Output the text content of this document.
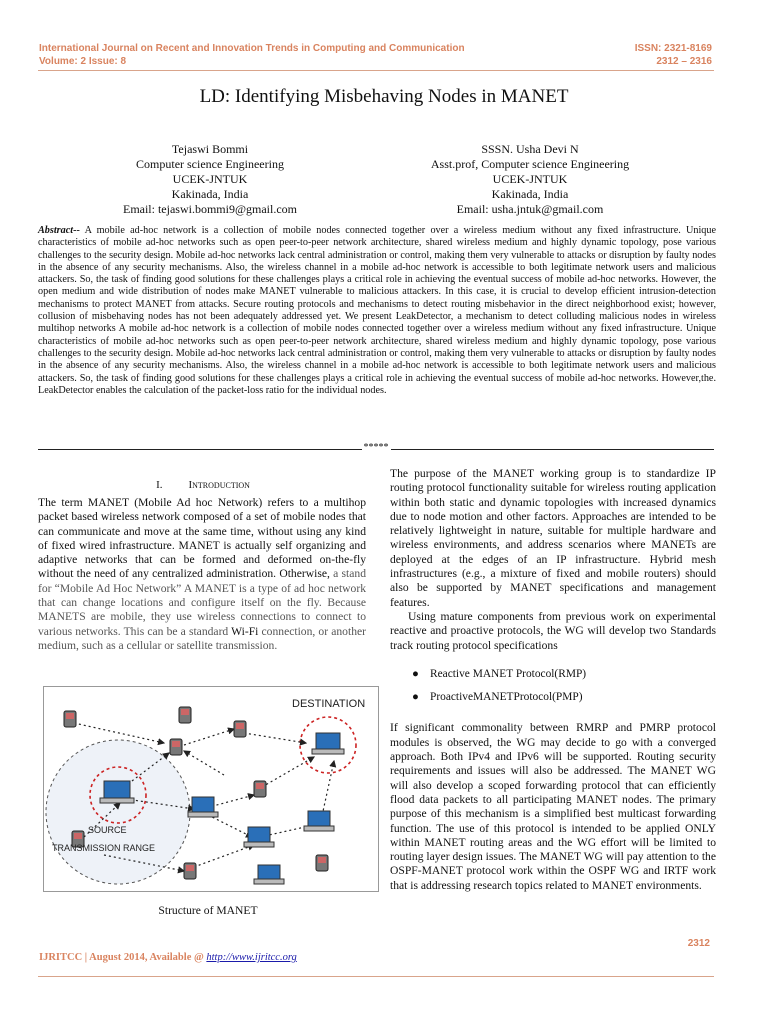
International Journal on Recent and Innovation Trends in Computing and Communication
Volume: 2 Issue: 8
ISSN: 2321-8169
2312 – 2316
LD: Identifying Misbehaving Nodes in MANET
Tejaswi Bommi
Computer science Engineering
UCEK-JNTUK
Kakinada, India
Email: tejaswi.bommi9@gmail.com
SSSN. Usha Devi N
Asst.prof, Computer science Engineering
UCEK-JNTUK
Kakinada, India
Email: usha.jntuk@gmail.com
Abstract-- A mobile ad-hoc network is a collection of mobile nodes connected together over a wireless medium without any fixed infrastructure. Unique characteristics of mobile ad-hoc networks such as open peer-to-peer network architecture, shared wireless medium and highly dynamic topology, pose various challenges to the security design. Mobile ad-hoc networks lack central administration or control, making them very vulnerable to attacks or disruption by faulty nodes in the absence of any security mechanisms. Also, the wireless channel in a mobile ad-hoc network is accessible to both legitimate network users and malicious attackers. So, the task of finding good solutions for these challenges plays a critical role in achieving the eventual success of mobile ad-hoc networks. However, the open medium and wide distribution of nodes make MANET vulnerable to malicious attackers. In this case, it is crucial to develop efficient intrusion-detection mechanisms to protect MANET from attacks. Secure routing protocols and mechanisms to detect routing misbehavior in the direct neighborhood exist; however, collusion of misbehaving nodes has not been adequately addressed yet. We present LeakDetector, a mechanism to detect colluding malicious nodes in wireless multihop networks A mobile ad-hoc network is a collection of mobile nodes connected together over a wireless medium without any fixed infrastructure. Unique characteristics of mobile ad-hoc networks such as open peer-to-peer network architecture, shared wireless medium and highly dynamic topology, pose various challenges to the security design. Mobile ad-hoc networks lack central administration or control, making them very vulnerable to attacks or disruption by faulty nodes in the absence of any security mechanisms. Also, the wireless channel in a mobile ad-hoc network is accessible to both legitimate network users and malicious attackers. So, the task of finding good solutions for these challenges plays a critical role in achieving the eventual success of mobile ad-hoc networks. However,the. LeakDetector enables the calculation of the packet-loss ratio for the individual nodes.
*****
I. Introduction
The term MANET (Mobile Ad hoc Network) refers to a multihop packet based wireless network composed of a set of mobile nodes that can communicate and move at the same time, without using any kind of fixed wired infrastructure. MANET is actually self organizing and adaptive networks that can be formed and deformed on-the-fly without the need of any centralized administration. Otherwise, a stand for “Mobile Ad Hoc Network” A MANET is a type of ad hoc network that can change locations and configure itself on the fly. Because MANETS are mobile, they use wireless connections to connect to various networks. This can be a standard Wi-Fi connection, or another medium, such as a cellular or satellite transmission.
DESTINATION
SOURCE
TRANSMISSION RANGE
Structure of MANET

The purpose of the MANET working group is to standardize IP routing protocol functionality suitable for wireless routing application within both static and dynamic topologies with increased dynamics due to node motion and other factors. Approaches are intended to be relatively lightweight in nature, suitable for multiple hardware and wireless environments, and address scenarios where MANETs are deployed at the edges of an IP infrastructure. Hybrid mesh infrastructures (e.g., a mixture of fixed and mobile routers) should also be supported by MANET specifications and management features.

Using mature components from previous work on experimental reactive and proactive protocols, the WG will develop two Standards track routing protocol specifications

● Reactive MANET Protocol(RMP)
● ProactiveMANETProtocol(PMP)

If significant commonality between RMRP and PMRP protocol modules is observed, the WG may decide to go with a converged approach. Both IPv4 and IPv6 will be supported. Routing security requirements and issues will also be addressed. The MANET WG will also develop a scoped forwarding protocol that can efficiently flood data packets to all participating MANET nodes. The primary purpose of this mechanism is a simplified best multicast forwarding function. The use of this protocol is intended to be applied ONLY within MANET routing areas and the WG effort will be limited to routing layer design issues. The MANET WG will pay attention to the OSPF-MANET protocol work within the OSPF WG and IRTF work that is addressing research topics related to MANET environments.

2312
IJRITCC | August 2014, Available @ http://www.ijritcc.org
